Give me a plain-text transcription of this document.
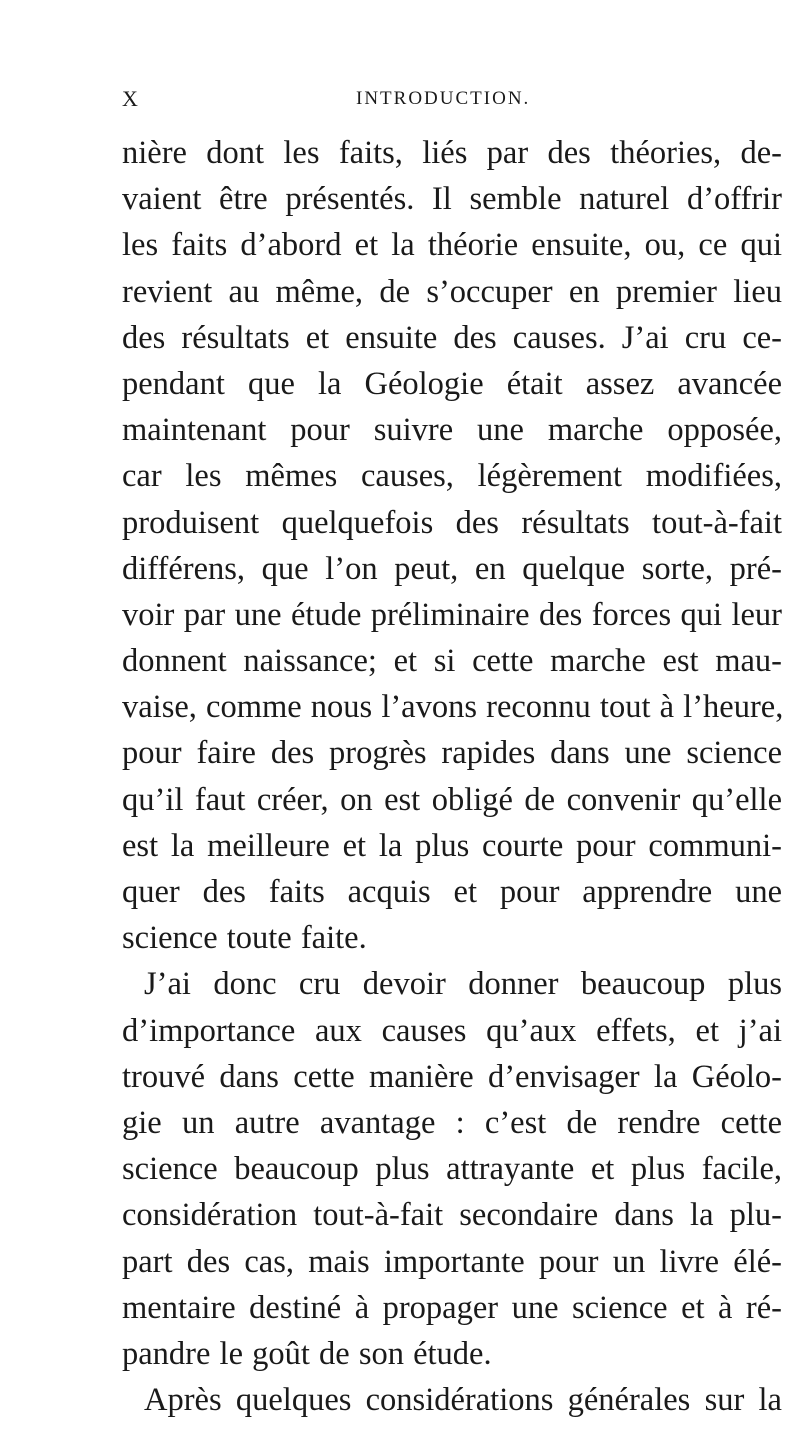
X	INTRODUCTION.
nière dont les faits, liés par des théories, de-
vaient être présentés. Il semble naturel d’offrir
les faits d’abord et la théorie ensuite, ou, ce qui
revient au même, de s’occuper en premier lieu
des résultats et ensuite des causes. J’ai cru ce-
pendant que la Géologie était assez avancée
maintenant pour suivre une marche opposée,
car les mêmes causes, légèrement modifiées,
produisent quelquefois des résultats tout-à-fait
différens, que l’on peut, en quelque sorte, pré-
voir par une étude préliminaire des forces qui leur
donnent naissance; et si cette marche est mau-
vaise, comme nous l’avons reconnu tout à l’heure,
pour faire des progrès rapides dans une science
qu’il faut créer, on est obligé de convenir qu’elle
est la meilleure et la plus courte pour communi-
quer des faits acquis et pour apprendre une
science toute faite.
J’ai donc cru devoir donner beaucoup plus
d’importance aux causes qu’aux effets, et j’ai
trouvé dans cette manière d’envisager la Géolo-
gie un autre avantage : c’est de rendre cette
science beaucoup plus attrayante et plus facile,
considération tout-à-fait secondaire dans la plu-
part des cas, mais importante pour un livre élé-
mentaire destiné à propager une science et à ré-
pandre le goût de son étude.
Après quelques considérations générales sur la
